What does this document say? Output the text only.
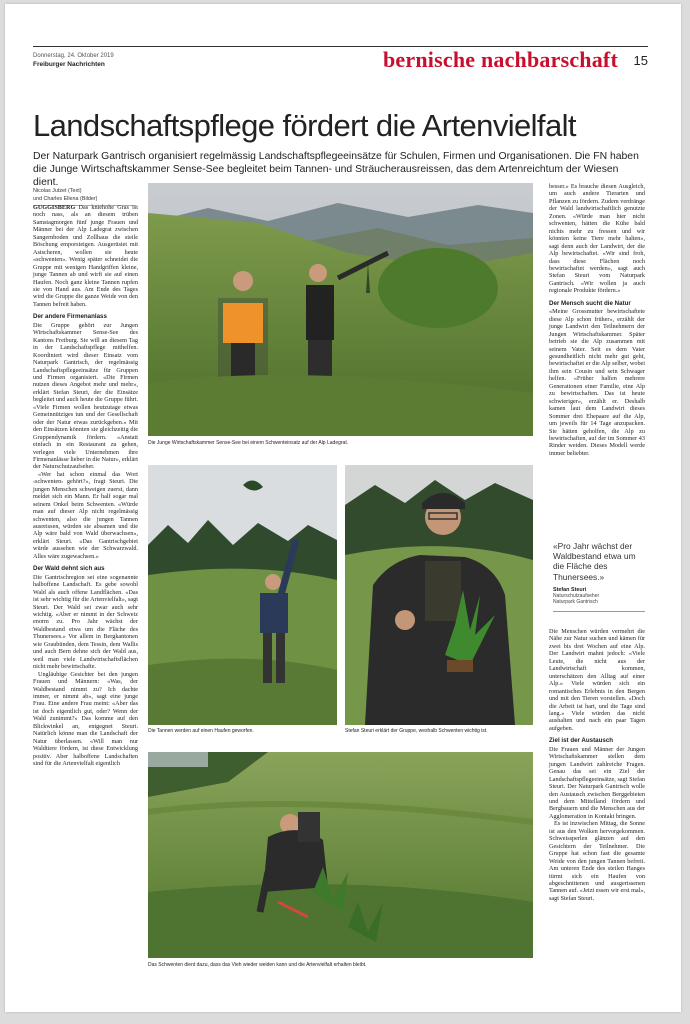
Donnerstag, 24. Oktober 2019
Freiburger Nachrichten	bernische nachbarschaft 15
Landschaftspflege fördert die Artenvielfalt
Der Naturpark Gantrisch organisiert regelmässig Landschaftspflegeeinsätze für Schulen, Firmen und Organisationen. Die FN haben die Junge Wirtschaftskammer Sense-See begleitet beim Tannen- und Sträucherausreissen, das dem Artenreichtum der Wiesen dient.
Nicolas Jutzet (Text)
und Charles Ellena (Bilder)

GUGGISBERG Das kniehohe Gras ist noch nass, als an diesem trüben Samstagmorgen fünf junge Frauen und Männer bei der Alp Ladegrat zwischen Sangernboden und Zollhaus die steile Böschung emporsteigen. Ausgerüstet mit Astscheren, wollen sie heute «schwenten». Wenig später schneidet die Gruppe mit wenigen Handgriffen kleine, junge Tannen ab und wirft sie auf einen Haufen. Noch ganz kleine Tannen rupfen sie von Hand aus. Am Ende des Tages wird die Gruppe die ganze Weide von den Tannen befreit haben.

Der andere Firmenanlass

Die Gruppe gehört zur Jungen Wirtschaftskammer Sense-See des Kantons Freiburg. Sie will an diesem Tag in der Landschaftspflege mithelfen. Koordiniert wird dieser Einsatz vom Naturpark Gantrisch, der regelmässig Landschaftspflegeeinsätze für Gruppen und Firmen organisiert. «Die Firmen nutzen dieses Angebot mehr und mehr», erklärt Stefan Steuri, der die Einsätze begleitet und auch heute die Gruppe führt. «Viele Firmen wollen heutzutage etwas Gemeinnütziges tun und der Gesellschaft oder der Natur etwas zurückgeben.» Mit den Einsätzen könnten sie gleichzeitig die Gruppendynamik fördern. «Anstatt einfach in ein Restaurant zu gehen, verlegen viele Unternehmen ihre Firmenanlässe lieber in die Natur», erklärt der Naturschutzaufseher.

«Wer hat schon einmal das Wort ‹schwenten› gehört?», fragt Steuri. Die jungen Menschen schweigen zuerst, dann meldet sich ein Mann. Er half sogar mal seinem Onkel beim Schwenten. «Würde man auf dieser Alp nicht regelmässig schwenten, also die jungen Tannen ausreissen, würden sie absamen und die Alp wäre bald von Wald überwachsen», erklärt Steuri. «Das Gantrischgebiet würde aussehen wie der Schwarzwald. Alles wäre zugewachsen.»

Der Wald dehnt sich aus

Die Gantrischregion sei eine sogenannte halboffene Landschaft. Es gebe sowohl Wald als auch offene Landflächen. «Das ist sehr wichtig für die Artenvielfalt», sagt Steuri. Der Wald sei zwar auch sehr wichtig. «Aber er nimmt in der Schweiz enorm zu. Pro Jahr wächst der Waldbestand etwa um die Fläche des Thunersees.» Vor allem in Bergkantonen wie Graubünden, dem Tessin, dem Wallis und auch Bern dehne sich der Wald aus, weil man viele Landwirtschaftsflächen nicht mehr bewirtschafte.

Ungläubige Gesichter bei den jungen Frauen und Männern: «Was, der Waldbestand nimmt zu? Ich dachte immer, er nimmt ab», sagt eine junge Frau. Eine andere Frau meint: «Aber das ist doch eigentlich gut, oder? Wenn der Wald zunimmt?» Das komme auf den Blickwinkel an, entgegnet Steuri. Natürlich könne man die Landschaft der Natur überlassen. «Will man nur Waldtiere fördern, ist diese Entwicklung positiv. Aber halboffene Landschaften sind für die Artenvielfalt eigentlich

Die Junge Wirtschaftskammer Sense-See bei einem Schwenteinsatz auf der Alp Ladegrat.
Die Tannen werden auf einen Haufen geworfen.	Stefan Steuri erklärt der Gruppe, weshalb Schwenten wichtig ist.
Das Schwenten dient dazu, dass das Vieh wieder weiden kann und die Artenvielfalt erhalten bleibt.

besser.» Es brauche diesen Ausgleich, um auch andere Tierarten und Pflanzen zu fördern. Zudem verdränge der Wald landwirtschaftlich genutzte Zonen. «Würde man hier nicht schwenten, hätten die Kühe bald nichts mehr zu fressen und wir könnten keine Tiere mehr halten», sagt denn auch der Landwirt, der die Alp bewirtschaftet. «Wir sind froh, dass diese Flächen noch bewirtschaftet werden», sagt auch Stefan Steuri vom Naturpark Gantrisch. «Wir wollen ja auch regionale Produkte fördern.»

Der Mensch sucht die Natur

«Meine Grossmutter bewirtschaftete diese Alp schon früher», erzählt der junge Landwirt den Teilnehmern der Jungen Wirtschaftskammer. Später betrieb sie die Alp zusammen mit seinem Vater. Seit es dem Vater gesundheitlich nicht mehr gut geht, bewirtschaftet er die Alp selber, wobei ihm sein Cousin und sein Schwager helfen. «Früher halfen mehrere Generationen einer Familie, eine Alp zu bewirtschaften. Das ist heute schwieriger», erzählt er. Deshalb kamen laut dem Landwirt dieses Sommer drei Ehepaare auf die Alp, um jeweils für 14 Tage anzupacken. Sie hätten geholfen, die Alp zu bewirtschaften, auf der im Sommer 43 Rinder weiden. Dieses Modell werde immer beliebter.

«Pro Jahr wächst der Waldbestand etwa um die Fläche des Thunersees.»
Stefan Steuri
Naturschutzaufseher
Naturpark Gantrisch

Die Menschen würden vermehrt die Nähe zur Natur suchen und kämen für zwei bis drei Wochen auf eine Alp. Der Landwirt mahnt jedoch: «Viele Leute, die nicht aus der Landwirtschaft kommen, unterschätzen den Alltag auf einer Alp.» Viele würden sich ein romantisches Erlebnis in den Bergen und mit den Tieren vorstellen. «Doch die Arbeit ist hart, und die Tage sind lang.» Viele würden das nicht aushalten und nach ein paar Tagen aufgeben.

Ziel ist der Austausch

Die Frauen und Männer der Jungen Wirtschaftskammer stellen dem jungen Landwirt zahlreiche Fragen. Genau das sei ein Ziel der Landschaftspflegeeinsätze, sagt Stefan Steuri. Der Naturpark Gantrisch wolle den Austausch zwischen Berggebieten und dem Mittelland fördern und Bergbauern und die Menschen aus der Agglomeration in Kontakt bringen.

Es ist inzwischen Mittag, die Sonne ist aus den Wolken hervorgekommen. Schweissperlen glänzen auf den Gesichtern der Teilnehmer. Die Gruppe hat schon fast die gesamte Weide von den jungen Tannen befreit. Am unteren Ende des steilen Hanges türmt sich ein Haufen von abgeschnittenen und ausgerissenen Tannen auf. «Jetzt essen wir erst mal», sagt Stefan Steuri.
